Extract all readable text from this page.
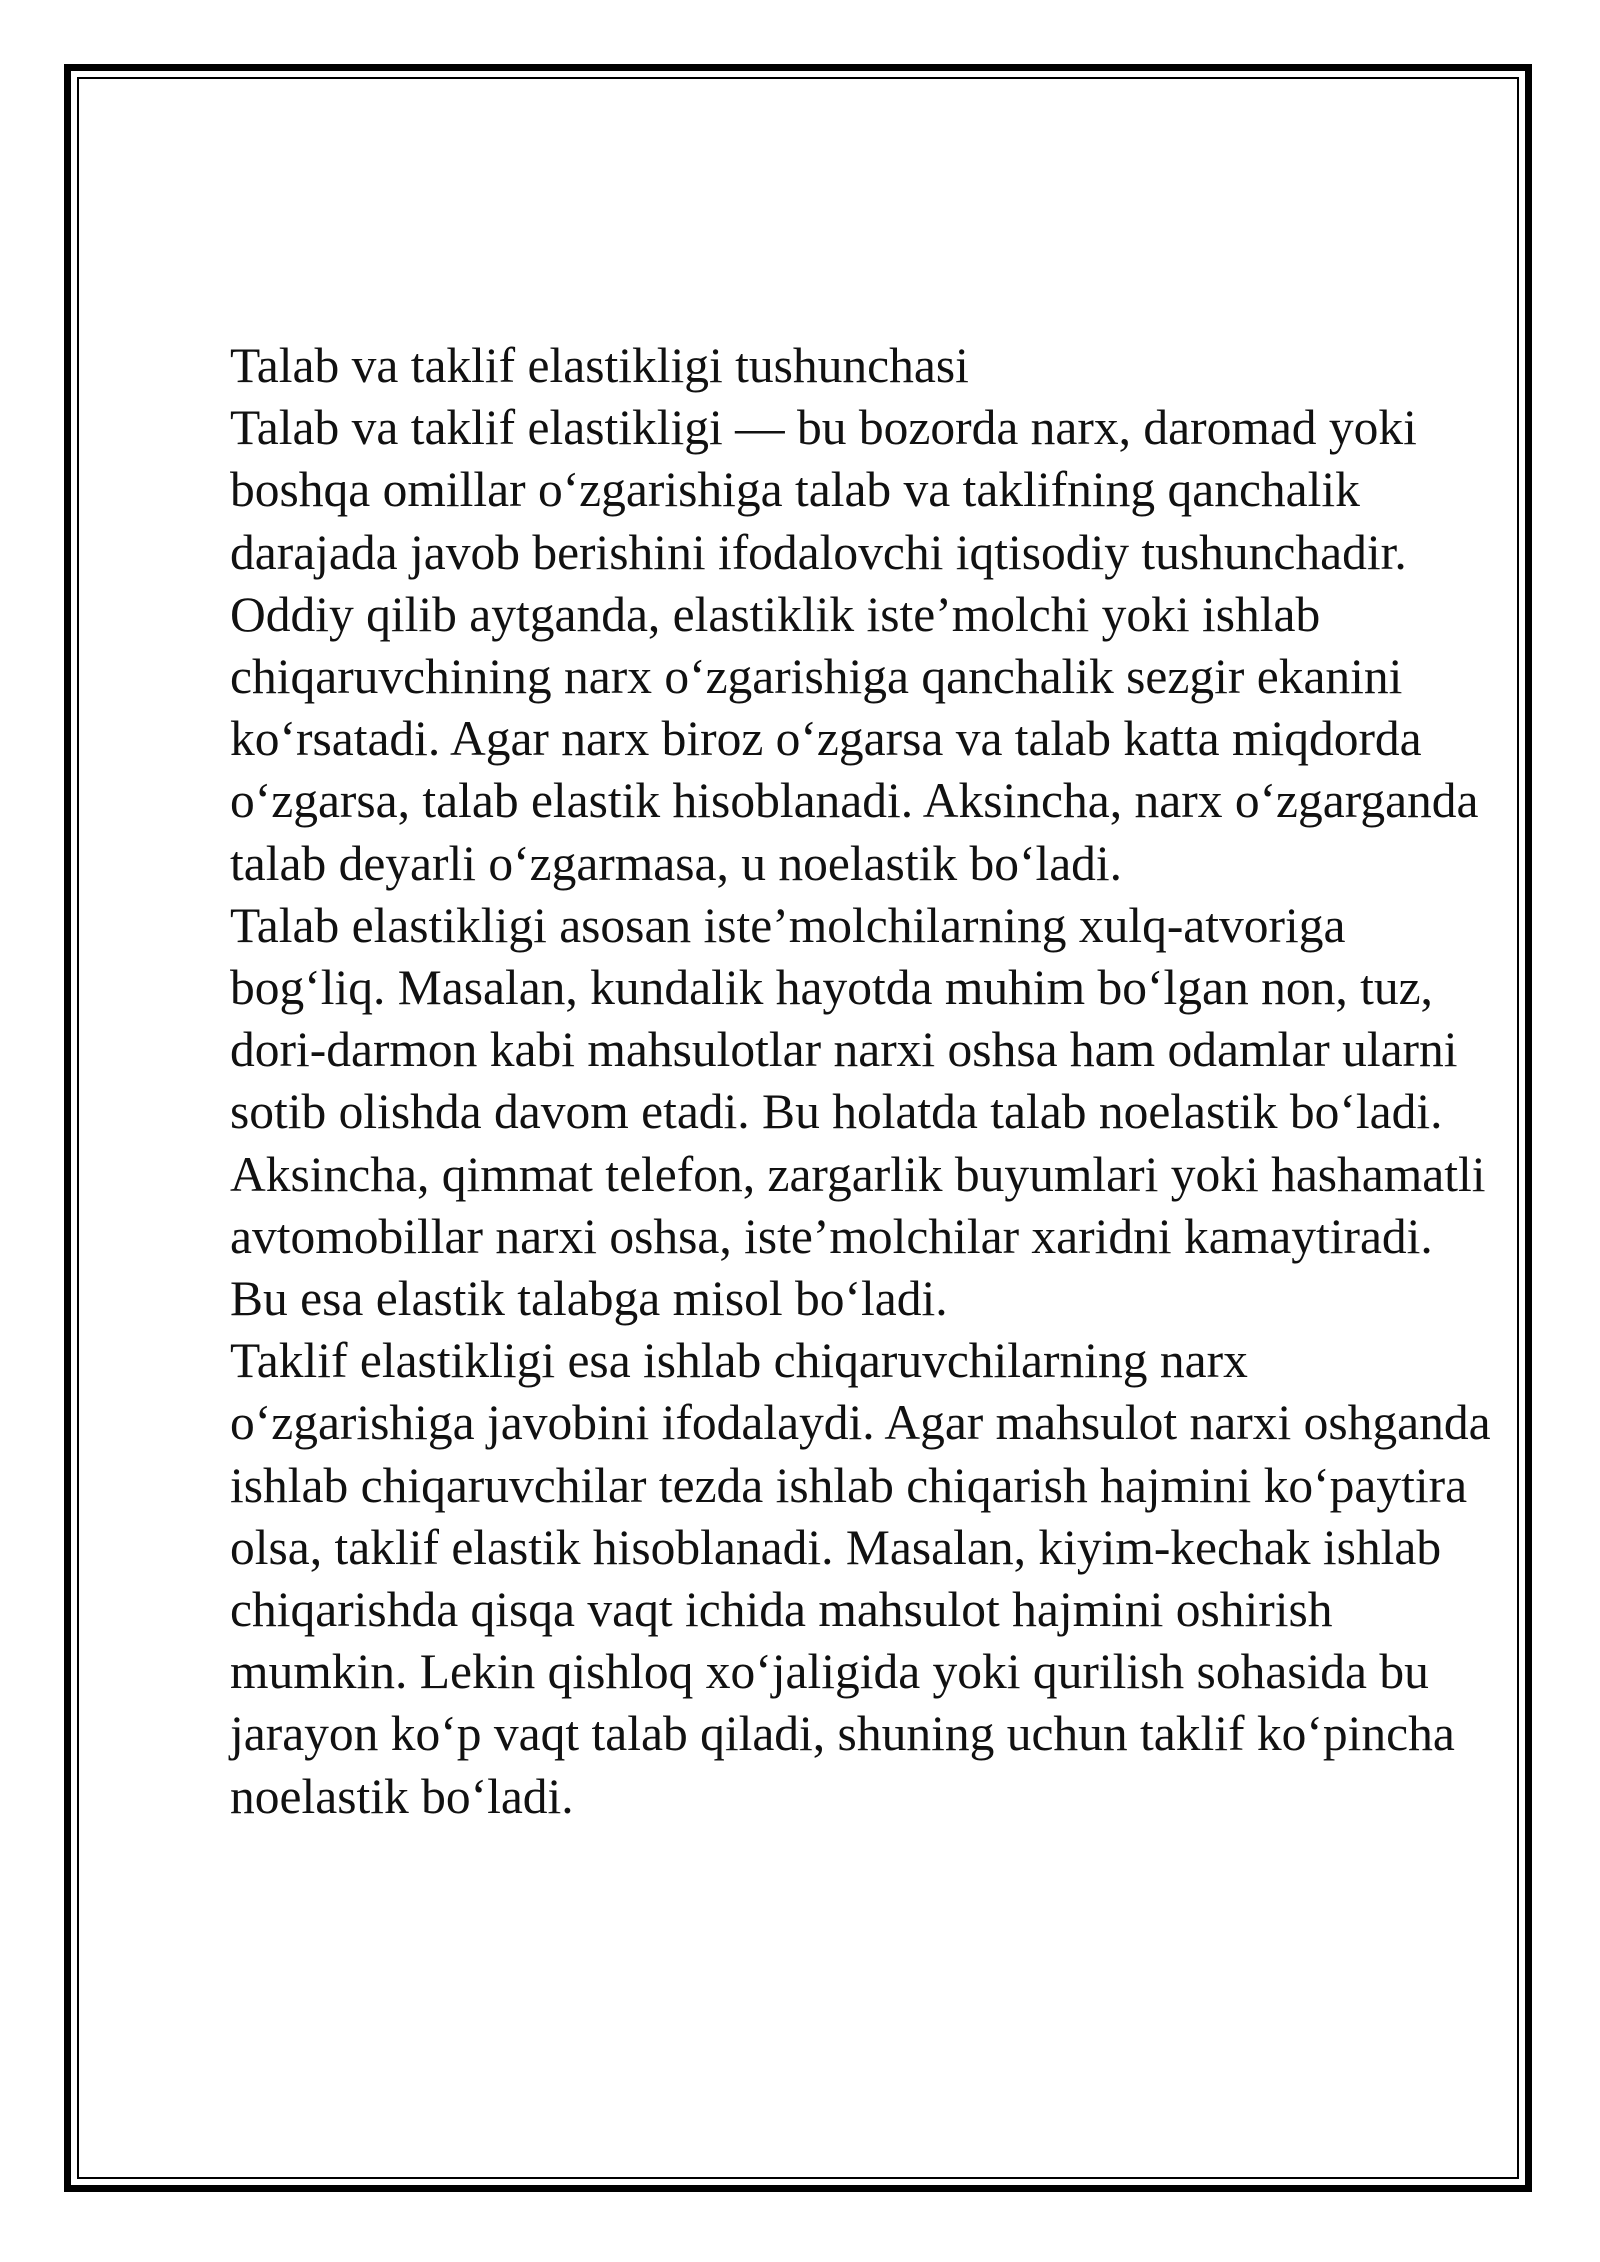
Talab va taklif elastikligi tushunchasi

Talab va taklif elastikligi — bu bozorda narx, daromad yoki boshqa omillar o‘zgarishiga talab va taklifning qanchalik darajada javob berishini ifodalovchi iqtisodiy tushunchadir. Oddiy qilib aytganda, elastiklik iste’molchi yoki ishlab chiqaruvchining narx o‘zgarishiga qanchalik sezgir ekanini ko‘rsatadi. Agar narx biroz o‘zgarsa va talab katta miqdorda o‘zgarsa, talab elastik hisoblanadi. Aksincha, narx o‘zgarganda talab deyarli o‘zgarmasa, u noelastik bo‘ladi.

Talab elastikligi asosan iste’molchilarning xulq-atvoriga bog‘liq. Masalan, kundalik hayotda muhim bo‘lgan non, tuz, dori-darmon kabi mahsulotlar narxi oshsa ham odamlar ularni sotib olishda davom etadi. Bu holatda talab noelastik bo‘ladi. Aksincha, qimmat telefon, zargarlik buyumlari yoki hashamatli avtomobillar narxi oshsa, iste’molchilar xaridni kamaytiradi. Bu esa elastik talabga misol bo‘ladi.

Taklif elastikligi esa ishlab chiqaruvchilarning narx o‘zgarishiga javobini ifodalaydi. Agar mahsulot narxi oshganda ishlab chiqaruvchilar tezda ishlab chiqarish hajmini ko‘paytira olsa, taklif elastik hisoblanadi. Masalan, kiyim-kechak ishlab chiqarishda qisqa vaqt ichida mahsulot hajmini oshirish mumkin. Lekin qishloq xo‘jaligida yoki qurilish sohasida bu jarayon ko‘p vaqt talab qiladi, shuning uchun taklif ko‘pincha noelastik bo‘ladi.
